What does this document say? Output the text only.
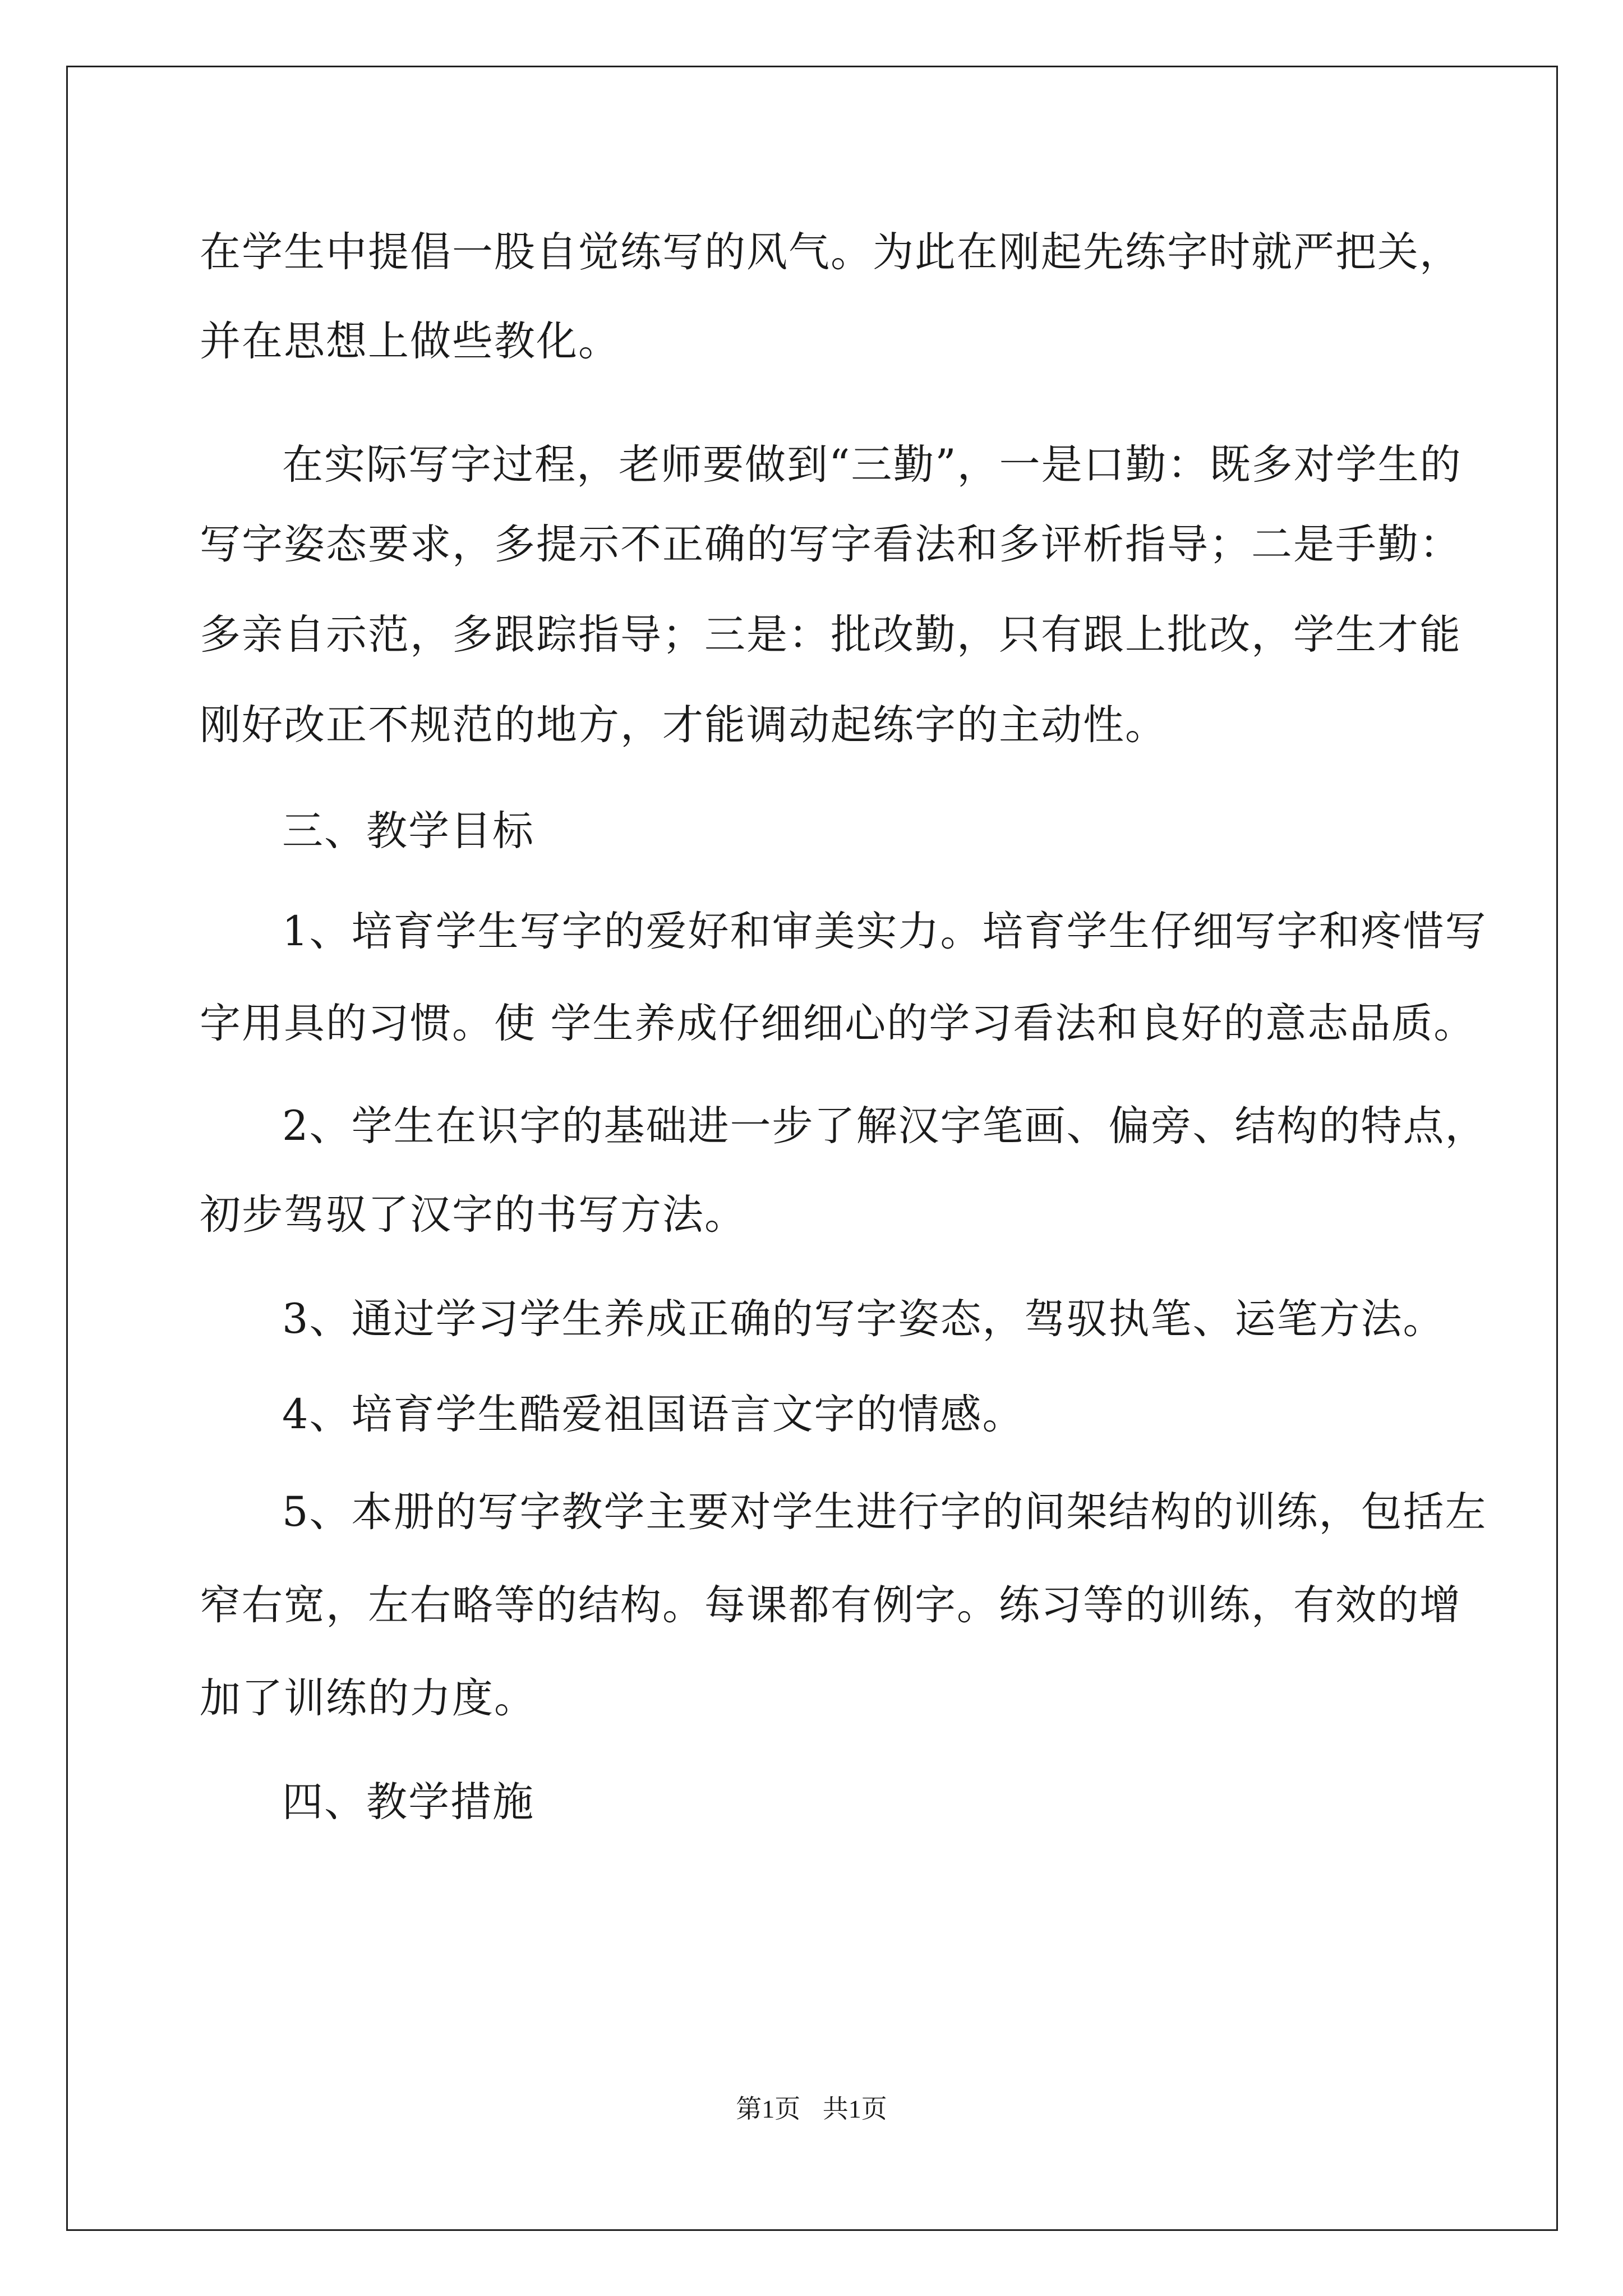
在学生中提倡一股自觉练写的风气。为此在刚起先练字时就严把关，
并在思想上做些教化。
在实际写字过程，老师要做到“三勤”，一是口勤：既多对学生的
写字姿态要求，多提示不正确的写字看法和多评析指导；二是手勤：
多亲自示范，多跟踪指导；三是：批改勤，只有跟上批改，学生才能
刚好改正不规范的地方，才能调动起练字的主动性。
三、教学目标
1、培育学生写字的爱好和审美实力。培育学生仔细写字和疼惜写
字用具的习惯。使 学生养成仔细细心的学习看法和良好的意志品质。
2、学生在识字的基础进一步了解汉字笔画、偏旁、结构的特点，
初步驾驭了汉字的书写方法。
3、通过学习学生养成正确的写字姿态，驾驭执笔、运笔方法。
4、培育学生酷爱祖国语言文字的情感。
5、本册的写字教学主要对学生进行字的间架结构的训练，包括左
窄右宽，左右略等的结构。每课都有例字。练习等的训练，有效的增
加了训练的力度。
四、教学措施
第1页 共1页
